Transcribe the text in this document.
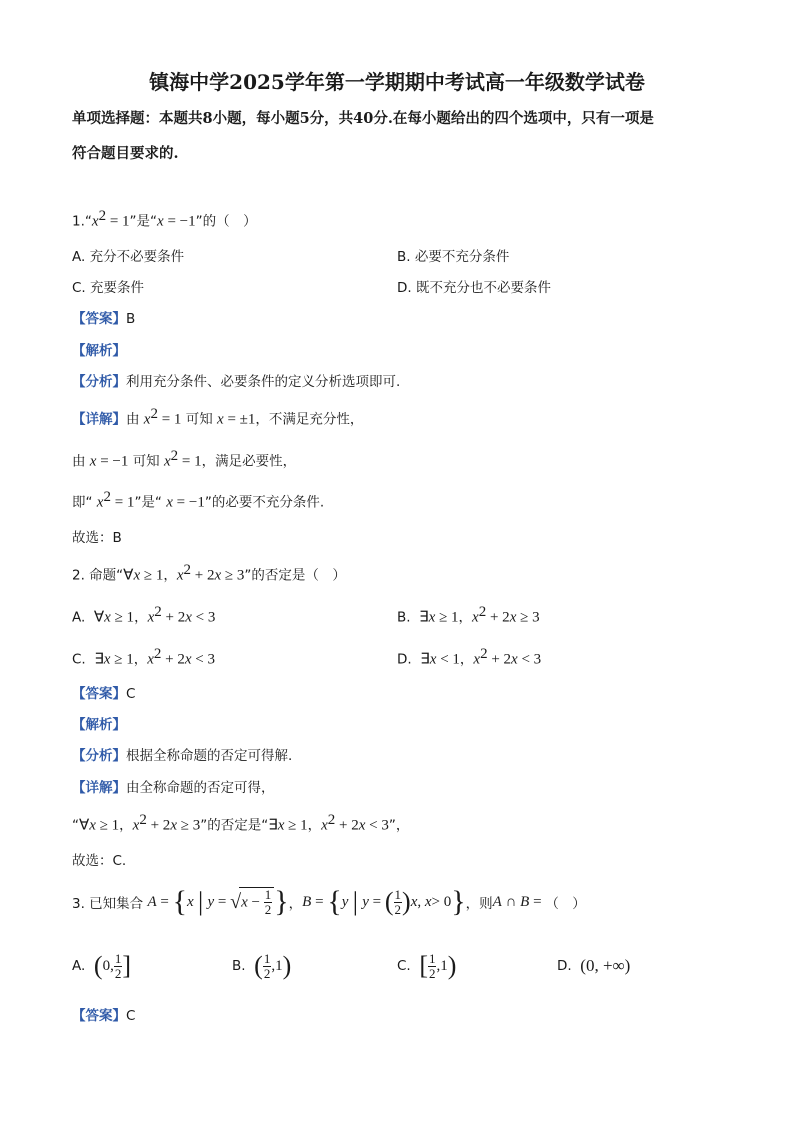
镇海中学2025学年第一学期期中考试高一年级数学试卷
单项选择题：本题共8小题，每小题5分，共40分.在每小题给出的四个选项中，只有一项是
符合题目要求的.
$1.“x^2 = 1$”是“x = −1”的（　）
A. 充分不必要条件	B. 必要不充分条件
C. 充要条件	D. 既不充分也不必要条件
【答案】B
【解析】
【分析】利用充分条件、必要条件的定义分析选项即可.
【详解】由 $x^2 = 1$ 可知 x = ±1，不满足充分性，
由 x = −1 可知 $x^2 = 1$，满足必要性，
即“ $x^2 = 1$”是“ x = −1”的必要不充分条件.
故选：B
2. 命题“∀x ≥ 1，$x^2 + 2x \ge 3$”的否定是（　）
A. ∀x ≥ 1，$x^2 + 2x < 3$	B. ∃x ≥ 1，$x^2 + 2x \ge 3$
C. ∃x ≥ 1，$x^2 + 2x < 3$	D. ∃x < 1，$x^2 + 2x < 3$
【答案】C
【解析】
【分析】根据全称命题的否定可得解.
【详解】由全称命题的否定可得，
“∀x ≥ 1，$x^2 + 2x \ge 3$”的否定是“∃x ≥ 1，$x^2 + 2x < 3$”，
故选：C.
3. 已知集合
A = { x
|
y = √ $x - \frac{1}{2}$ } ， B = { y
|
y = ( $\frac{1}{2}$ ) x , x > 0 } ，则 A ∩ B = （　）
A.
( 0, $\frac{1}{2}$ ]	B.
( $\frac{1}{2} ,1$ )	C.
[ $\frac{1}{2} ,1$ )	D.
(0, +∞)
【答案】C
